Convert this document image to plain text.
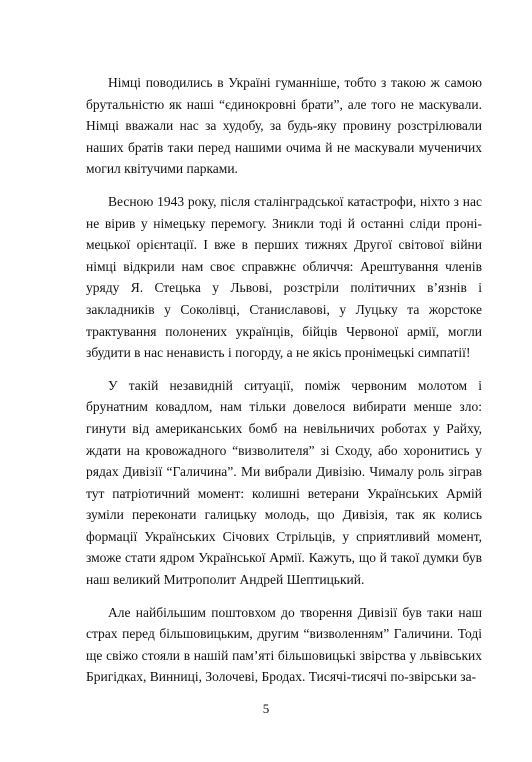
Німці поводились в Україні гуманніше, тобто з такою ж самою брутальністю як наші “єдинокровні брати”, але того не маскували. Німці вважали нас за худобу, за будь-яку провину розстрілювали наших братів таки перед нашими очима й не маскували мученичих могил квітучими парками.

Весною 1943 року, після сталінградської катастрофи, ніхто з нас не вірив у німецьку перемогу. Зникли тоді й останні сліди пронімецької орієнтації. І вже в перших тижнях Другої світової війни німці відкрили нам своє справжнє обличчя: Арештування членів уряду Я. Стецька у Львові, розстріли політичних в’язнів і закладників у Соколівці, Станиславові, у Луцьку та жорстоке трактування полонених українців, бійців Червоної армії, могли збудити в нас ненависть і погорду, а не якісь пронімецькі симпатії!

У такій незавидній ситуації, поміж червоним молотом і брунатним ковадлом, нам тільки довелося вибирати менше зло: гинути від американських бомб на невільничих роботах у Райху, ждати на кровожадного “визволителя” зі Сходу, або хоронитись у рядах Дивізії “Галичина”. Ми вибрали Дивізію. Чималу роль зіграв тут патріотичний момент: колишні ветерани Українських Армій зуміли переконати галицьку молодь, що Дивізія, так як колись формації Українських Січових Стрільців, у сприятливий момент, зможе стати ядром Української Армії. Кажуть, що й такої думки був наш великий Митрополит Андрей Шептицький.

Але найбільшим поштовхом до творення Дивізії був таки наш страх перед більшовицьким, другим “визволенням” Галичини. Тоді ще свіжо стояли в нашій пам’яті більшовицькі звірства у львівських Бригідках, Винниці, Золочеві, Бродах. Тисячі-тисячі по-звірськи за-

5
